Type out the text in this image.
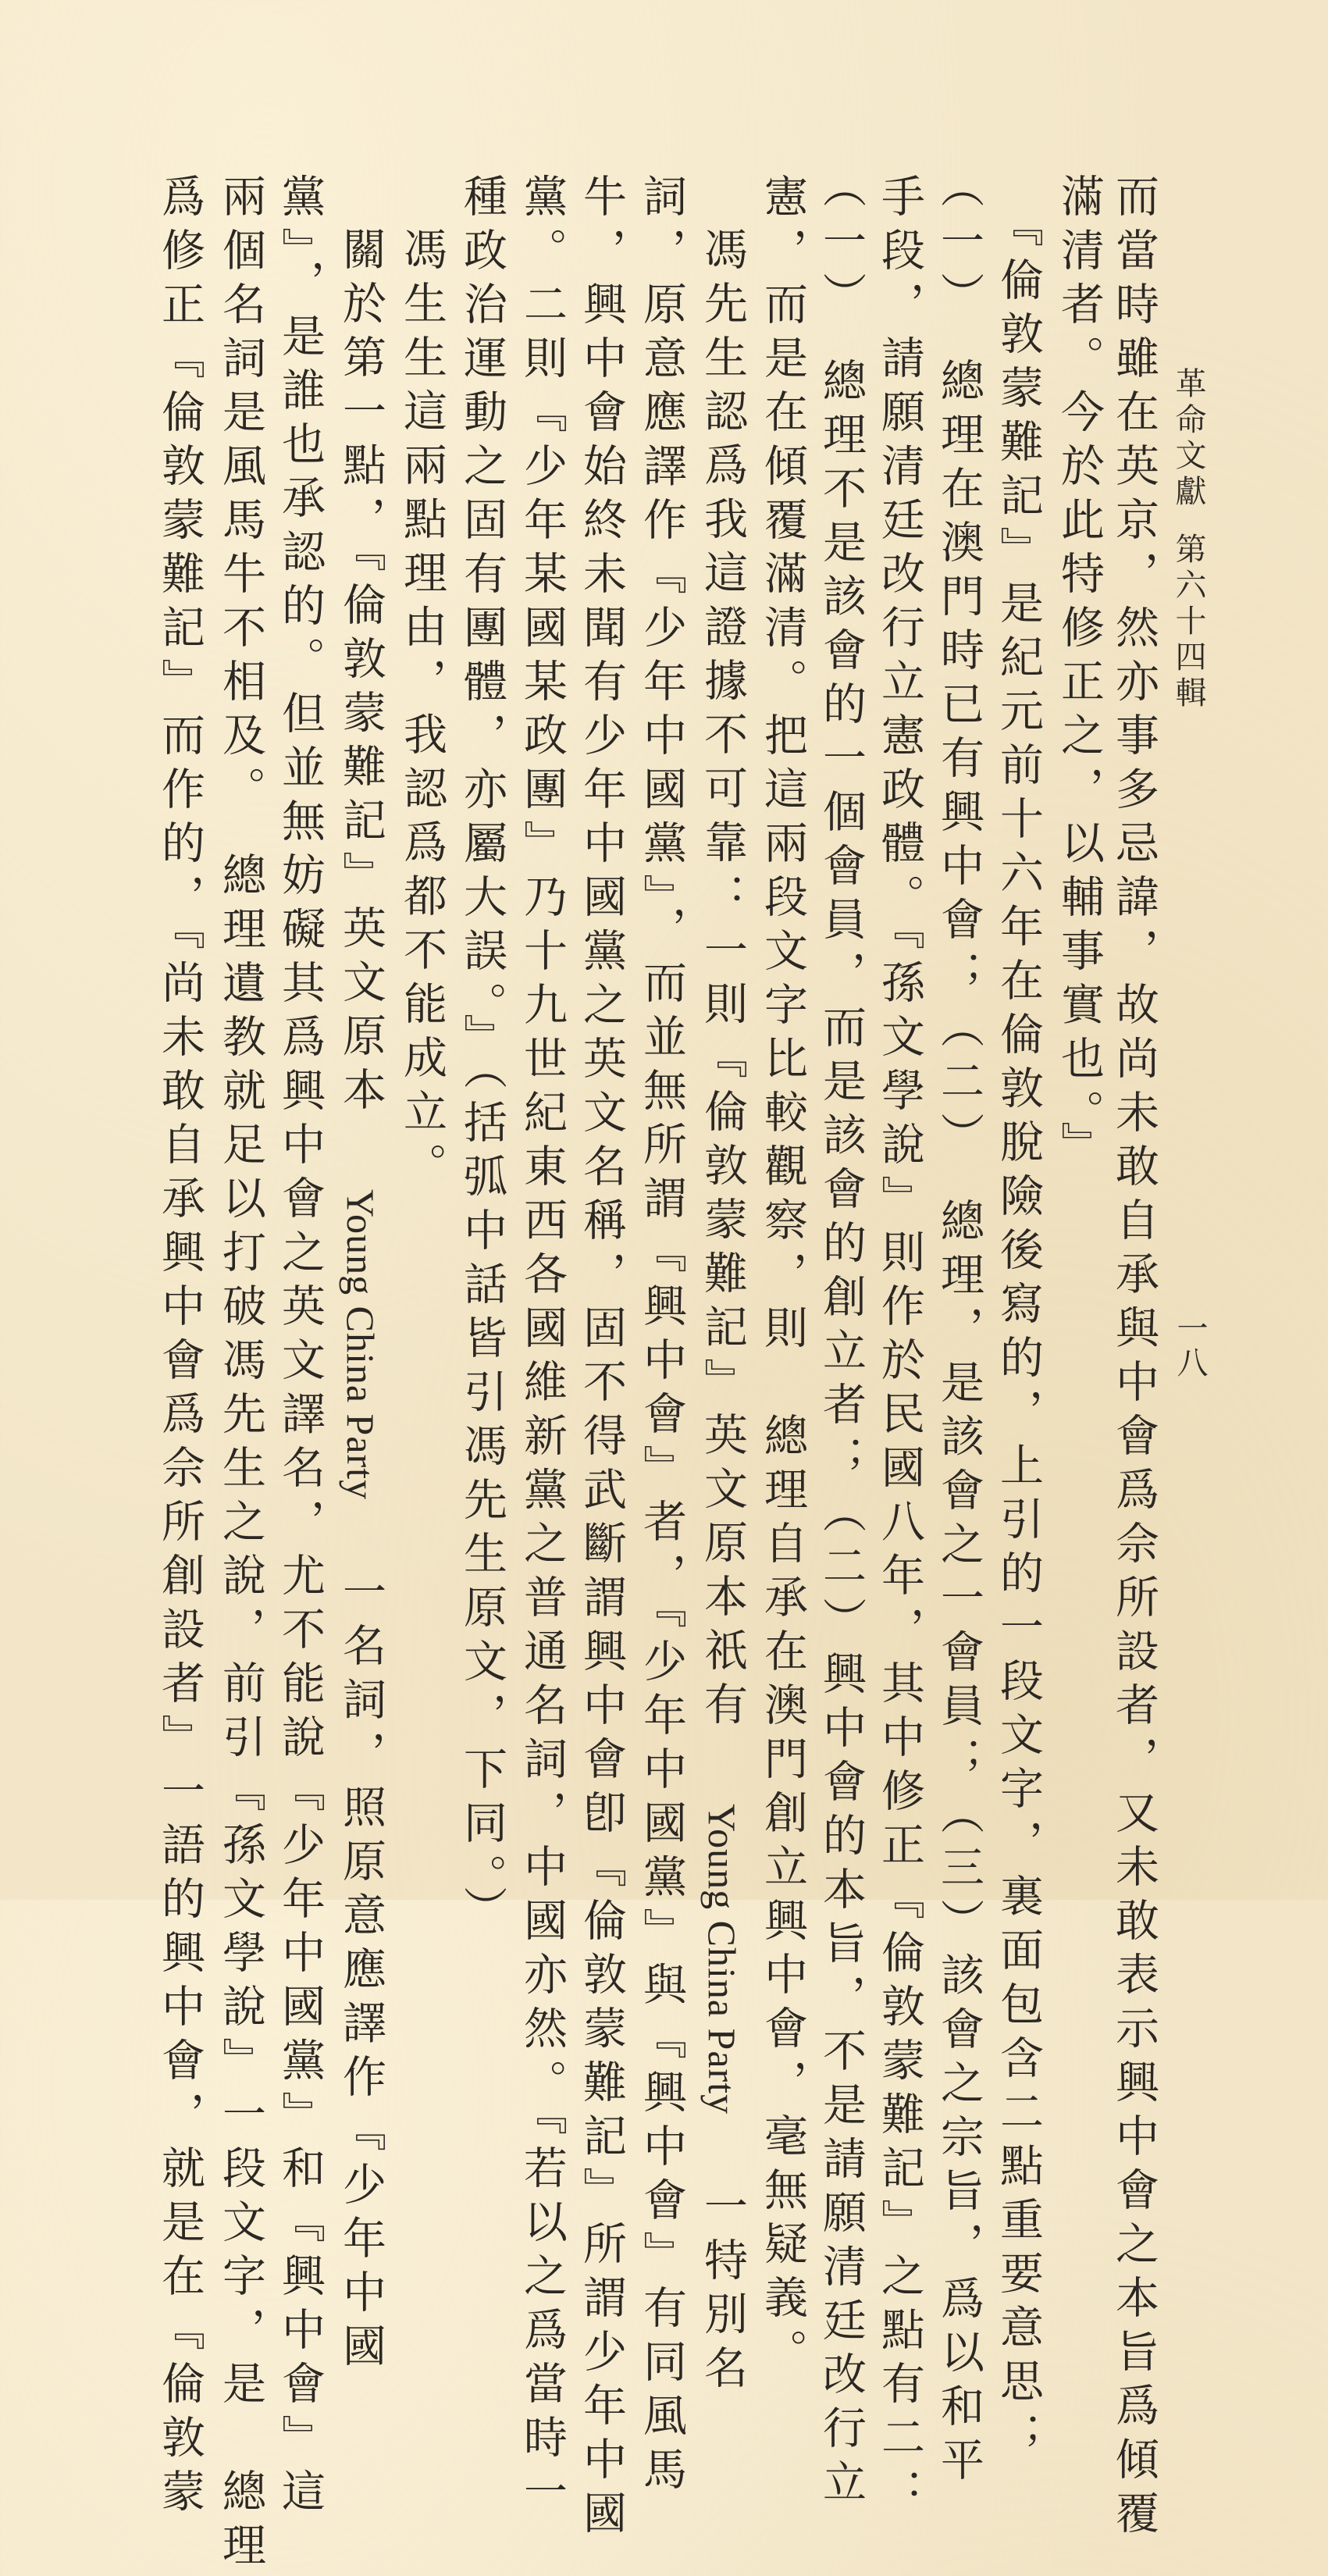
革命文獻第六十四輯
一八
而當時雖在英京，然亦事多忌諱，故尚未敢自承與中會爲佘所設者，又未敢表示興中會之本旨爲傾覆
滿清者。今於此特修正之，以輔事實也。』
『倫敦蒙難記』是紀元前十六年在倫敦脫險後寫的，上引的一段文字，裏面包含二點重要意思；
（一）　總理在澳門時已有興中會；（二）　總理，是該會之一會員；（三）該會之宗旨，爲以和平
手段，請願清廷改行立憲政體。『孫文學說』則作於民國八年，其中修正『倫敦蒙難記』之點有二：
（一）　總理不是該會的一個會員，而是該會的創立者；（二）興中會的本旨，不是請願清廷改行立
憲，而是在傾覆滿清。把這兩段文字比較觀察，則　總理自承在澳門創立興中會，毫無疑義。
馮先生認爲我這證據不可靠：一則『倫敦蒙難記』英文原本祇有 Young China Party 一特別名
詞，原意應譯作『少年中國黨』，而並無所謂『興中會』者，『少年中國黨』與『興中會』有同風馬
牛，興中會始終未聞有少年中國黨之英文名稱，固不得武斷謂興中會卽『倫敦蒙難記』所謂少年中國
黨。二則『少年某國某政團』乃十九世紀東西各國維新黨之普通名詞，中國亦然。『若以之爲當時一
種政治運動之固有團體，亦屬大誤。』（括弧中話皆引馮先生原文，下同。）
馮生生這兩點理由，我認爲都不能成立。
關於第一點，『倫敦蒙難記』英文原本 Young China Party 一名詞，照原意應譯作『少年中國
黨』，是誰也承認的。但並無妨礙其爲興中會之英文譯名，尤不能說『少年中國黨』和『興中會』這
兩個名詞是風馬牛不相及。　總理遺教就足以打破馮先生之說，前引『孫文學說』一段文字，是　總理
爲修正『倫敦蒙難記』而作的，『尚未敢自承興中會爲佘所創設者』一語的興中會，就是在『倫敦蒙
